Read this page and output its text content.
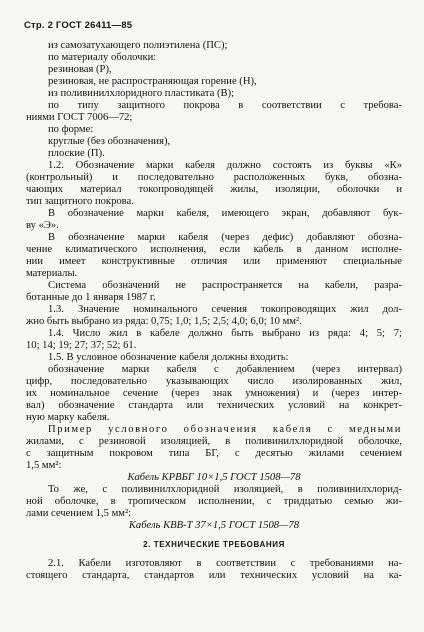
Стр. 2 ГОСТ 26411—85
из самозатухающего полиэтилена (ПС);
по материалу оболочки:
резиновая (Р),
резиновая, не распространяющая горение (Н),
из поливинилхлоридного пластиката (В);
по типу защитного покрова в соответствии с требова-
ниями ГОСТ 7006—72;
по форме:
круглые (без обозначения),
плоские (П).
1.2. Обозначение марки кабеля должно состоять из буквы «К»
(контрольный) и последовательно расположенных букв, обозна-
чающих материал токопроводящей жилы, изоляции, оболочки и
тип защитного покрова.
В обозначение марки кабеля, имеющего экран, добавляют бук-
ву «Э».
В обозначение марки кабеля (через дефис) добавляют обозна-
чение климатического исполнения, если кабель в данном исполне-
нии имеет конструктивные отличия или применяют специальные
материалы.
Система обозначений не распространяется на кабели, разра-
ботанные до 1 января 1987 г.
1.3. Значение номинального сечения токопроводящих жил дол-
жно быть выбрано из ряда: 0,75; 1,0; 1,5; 2,5; 4,0; 6,0; 10 мм².
1.4. Число жил в кабеле должно быть выбрано из ряда: 4; 5; 7;
10; 14; 19; 27; 37; 52; 61.
1.5. В условное обозначение кабеля должны входить:
обозначение марки кабеля с добавлением (через интервал)
цифр, последовательно указывающих число изолированных жил,
их номинальное сечение (через знак умножения) и (через интер-
вал) обозначение стандарта или технических условий на конкрет-
ную марку кабеля.
Пример условного обозначения кабеля с медными
жилами, с резиновой изоляцией, в поливинилхлоридной оболочке,
с защитным покровом типа БГ, с десятью жилами сечением
1,5 мм²:
Кабель КРВБГ 10×1,5 ГОСТ 1508—78
То же, с поливинилхлоридной изоляцией, в поливинилхлорид-
ной оболочке, в тропическом исполнении, с тридцатью семью жи-
лами сечением 1,5 мм²:
Кабель КВВ-Т 37×1,5 ГОСТ 1508—78
2. ТЕХНИЧЕСКИЕ ТРЕБОВАНИЯ
2.1. Кабели изготовляют в соответствии с требованиями на-
стоящего стандарта, стандартов или технических условий на ка-
